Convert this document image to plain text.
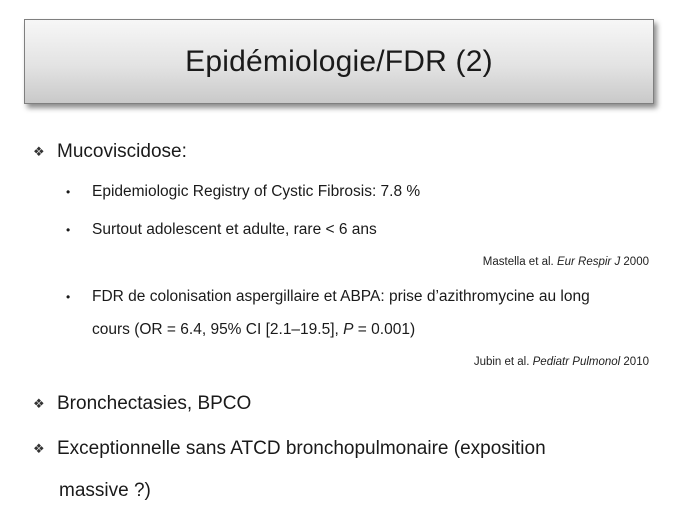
Epidémiologie/FDR (2)
❖ Mucoviscidose:
• Epidemiologic Registry of Cystic Fibrosis: 7.8 %
• Surtout adolescent et adulte, rare < 6 ans
Mastella et al. Eur Respir J 2000
• FDR de colonisation aspergillaire et ABPA: prise d’azithromycine au long
cours (OR = 6.4, 95% CI [2.1–19.5], P = 0.001)
Jubin et al. Pediatr Pulmonol 2010
❖ Bronchectasies, BPCO
❖ Exceptionnelle sans ATCD bronchopulmonaire (exposition
massive ?)
